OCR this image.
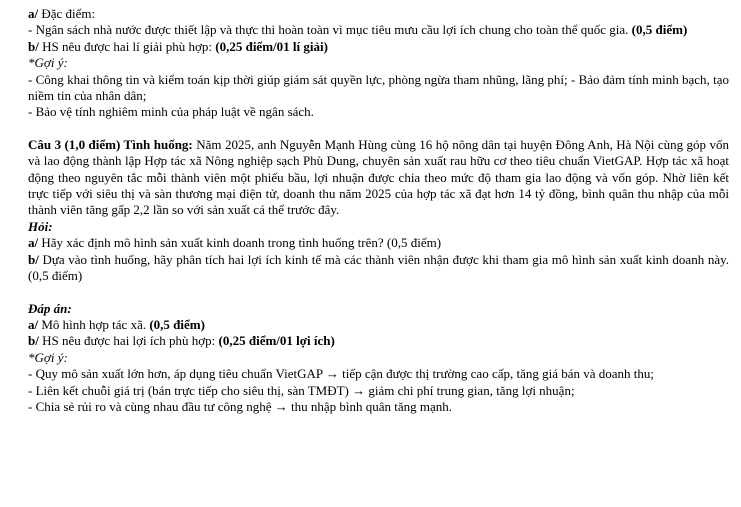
a/ Đặc điểm:

- Ngân sách nhà nước được thiết lập và thực thi hoàn toàn vì mục tiêu mưu cầu lợi ích chung cho toàn thể quốc gia. (0,5 điểm)

b/ HS nêu được hai lí giải phù hợp: (0,25 điểm/01 lí giải)

*Gợi ý:

- Công khai thông tin và kiểm toán kịp thời giúp giám sát quyền lực, phòng ngừa tham nhũng, lãng phí; - Bảo đảm tính minh bạch, tạo niềm tin của nhân dân;

- Bảo vệ tính nghiêm minh của pháp luật về ngân sách.

Câu 3 (1,0 điểm) Tình huống: Năm 2025, anh Nguyễn Mạnh Hùng cùng 16 hộ nông dân tại huyện Đông Anh, Hà Nội cùng góp vốn và lao động thành lập Hợp tác xã Nông nghiệp sạch Phù Dung, chuyên sản xuất rau hữu cơ theo tiêu chuẩn VietGAP. Hợp tác xã hoạt động theo nguyên tắc mỗi thành viên một phiếu bầu, lợi nhuận được chia theo mức độ tham gia lao động và vốn góp. Nhờ liên kết trực tiếp với siêu thị và sàn thương mại điện tử, doanh thu năm 2025 của hợp tác xã đạt hơn 14 tỷ đồng, bình quân thu nhập của mỗi thành viên tăng gấp 2,2 lần so với sản xuất cá thể trước đây.

Hỏi:

a/ Hãy xác định mô hình sản xuất kinh doanh trong tình huống trên? (0,5 điểm)

b/ Dựa vào tình huống, hãy phân tích hai lợi ích kinh tế mà các thành viên nhận được khi tham gia mô hình sản xuất kinh doanh này. (0,5 điểm)

Đáp án:

a/ Mô hình hợp tác xã. (0,5 điểm)

b/ HS nêu được hai lợi ích phù hợp: (0,25 điểm/01 lợi ích)

*Gợi ý:

- Quy mô sản xuất lớn hơn, áp dụng tiêu chuẩn VietGAP → tiếp cận được thị trường cao cấp, tăng giá bán và doanh thu;

- Liên kết chuỗi giá trị (bán trực tiếp cho siêu thị, sàn TMĐT) → giảm chi phí trung gian, tăng lợi nhuận;

- Chia sẻ rủi ro và cùng nhau đầu tư công nghệ → thu nhập bình quân tăng mạnh.
